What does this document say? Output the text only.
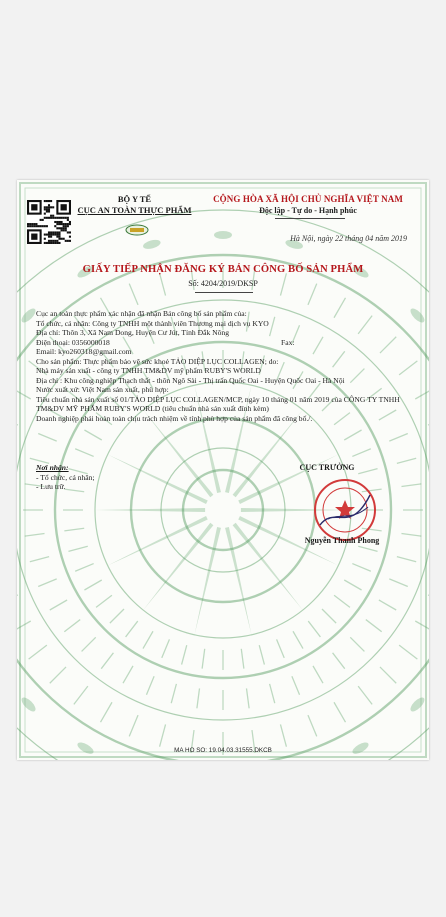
BỘ Y TẾ
CỤC AN TOÀN THỰC PHẨM
CỘNG HÒA XÃ HỘI CHỦ NGHĨA VIỆT NAM
Độc lập - Tự do - Hạnh phúc
Hà Nội, ngày 22 tháng 04 năm 2019
GIẤY TIẾP NHẬN ĐĂNG KÝ BẢN CÔNG BỐ SẢN PHẨM
Số: 4204/2019/DKSP

Cục an toàn thực phẩm xác nhận đã nhận Bản công bố sản phẩm của:

Tổ chức, cá nhân: Công ty TNHH một thành viên Thương mại dịch vụ KYO

Địa chỉ: Thôn 3, Xã Nam Dong, Huyện Cư Jút, Tỉnh Đắk Nông

Điện thoại: 0356000018	Fax:

Email: kyo260318@gmail.com

Cho sản phẩm: Thực phẩm bảo vệ sức khoẻ TẢO DIỆP LỤC COLLAGEN; do:

Nhà máy sản xuất - công ty TNHH TM&DV mỹ phẩm RUBY'S WORLD

Địa chỉ : Khu công nghiệp Thạch thất - thôn Ngô Sài - Thị trấn Quốc Oai - Huyện Quốc Oai - Hà Nội

Nước xuất xứ: Việt Nam sản xuất, phù hợp:

Tiêu chuẩn nhà sản xuất số 01/TẢO DIỆP LỤC COLLAGEN/MCP, ngày 10 tháng 01 năm 2019 của CÔNG TY TNHH TM&DV MỸ PHẨM RUBY'S WORLD (tiêu chuẩn nhà sản xuất đính kèm)

Doanh nghiệp phải hoàn toàn chịu trách nhiệm về tính phù hợp của sản phẩm đã công bố./.

Nơi nhận:
- Tổ chức, cá nhân;
- Lưu trữ.
CỤC TRƯỞNG
Nguyễn Thanh Phong
MA HO SO: 19.04.03.31555.DKCB
